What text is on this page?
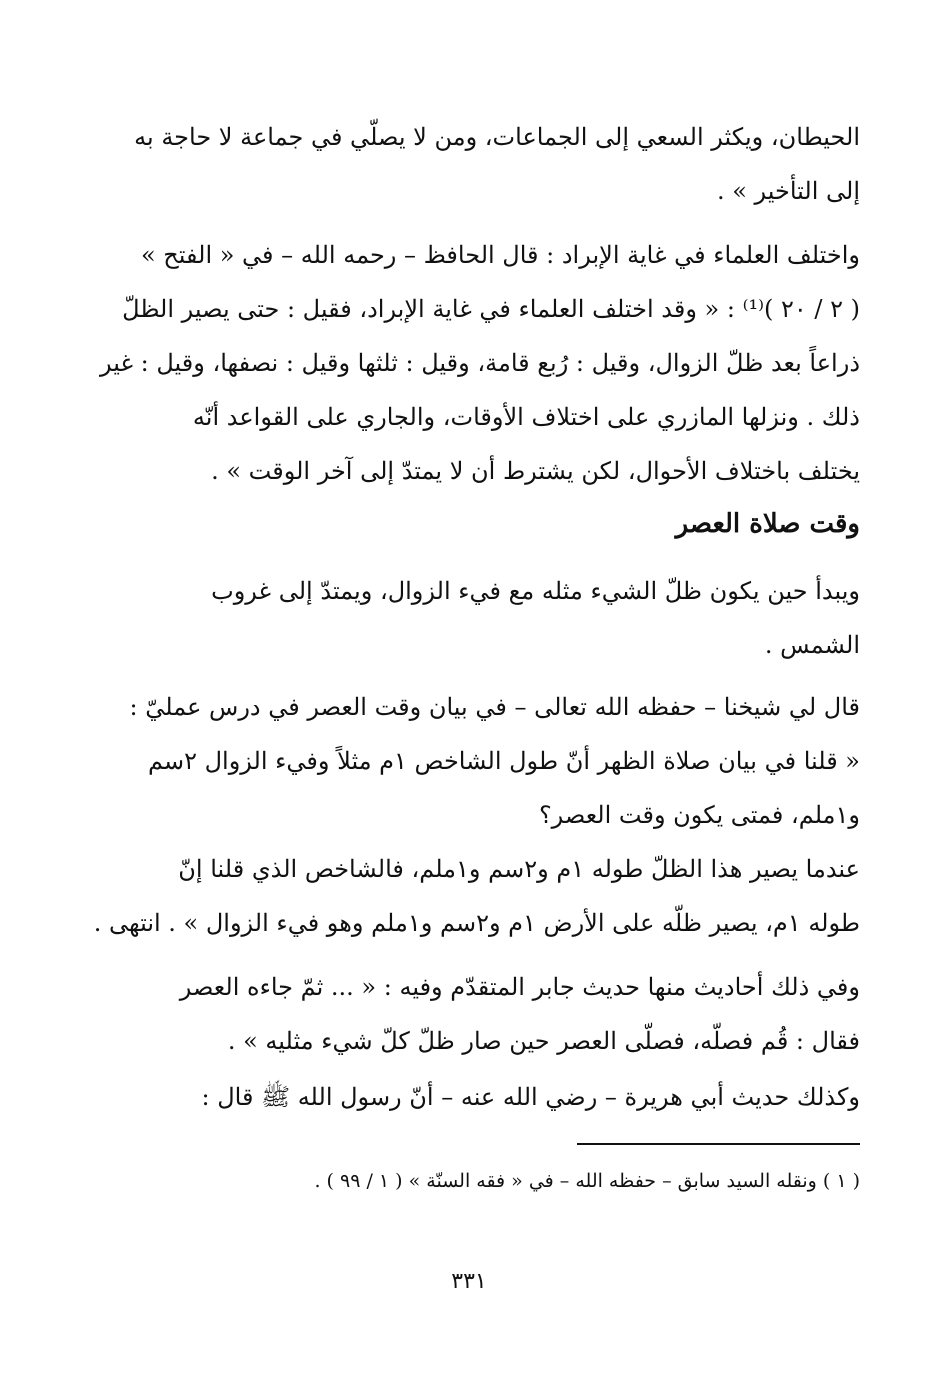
الحيطان، ويكثر السعي إلى الجماعات، ومن لا يصلّي في جماعة لا حاجة به
إلى التأخير » .
واختلف العلماء في غاية الإبراد : قال الحافظ – رحمه الله – في « الفتح »
( ٢ / ٢٠ )⁽¹⁾ : « وقد اختلف العلماء في غاية الإبراد، فقيل : حتى يصير الظلّ
ذراعاً بعد ظلّ الزوال، وقيل : رُبع قامة، وقيل : ثلثها وقيل : نصفها، وقيل : غير
ذلك . ونزلها المازري على اختلاف الأوقات، والجاري على القواعد أنّه
يختلف باختلاف الأحوال، لكن يشترط أن لا يمتدّ إلى آخر الوقت » .
وقت صلاة العصر
ويبدأ حين يكون ظلّ الشيء مثله مع فيء الزوال، ويمتدّ إلى غروب
الشمس .
قال لي شيخنا – حفظه الله تعالى – في بيان وقت العصر في درس عمليّ :
« قلنا في بيان صلاة الظهر أنّ طول الشاخص ١م مثلاً وفيء الزوال ٢سم
و١ملم، فمتى يكون وقت العصر؟
عندما يصير هذا الظلّ طوله ١م و٢سم و١ملم، فالشاخص الذي قلنا إنّ
طوله ١م، يصير ظلّه على الأرض ١م و٢سم و١ملم وهو فيء الزوال » . انتهى .
وفي ذلك أحاديث منها حديث جابر المتقدّم وفيه : « ... ثمّ جاءه العصر
فقال : قُم فصلّه، فصلّى العصر حين صار ظلّ كلّ شيء مثليه » .
وكذلك حديث أبي هريرة – رضي الله عنه – أنّ رسول الله ﷺ قال :
( ١ ) ونقله السيد سابق – حفظه الله – في « فقه السنّة » ( ١ / ٩٩ ) .
٣٣١
